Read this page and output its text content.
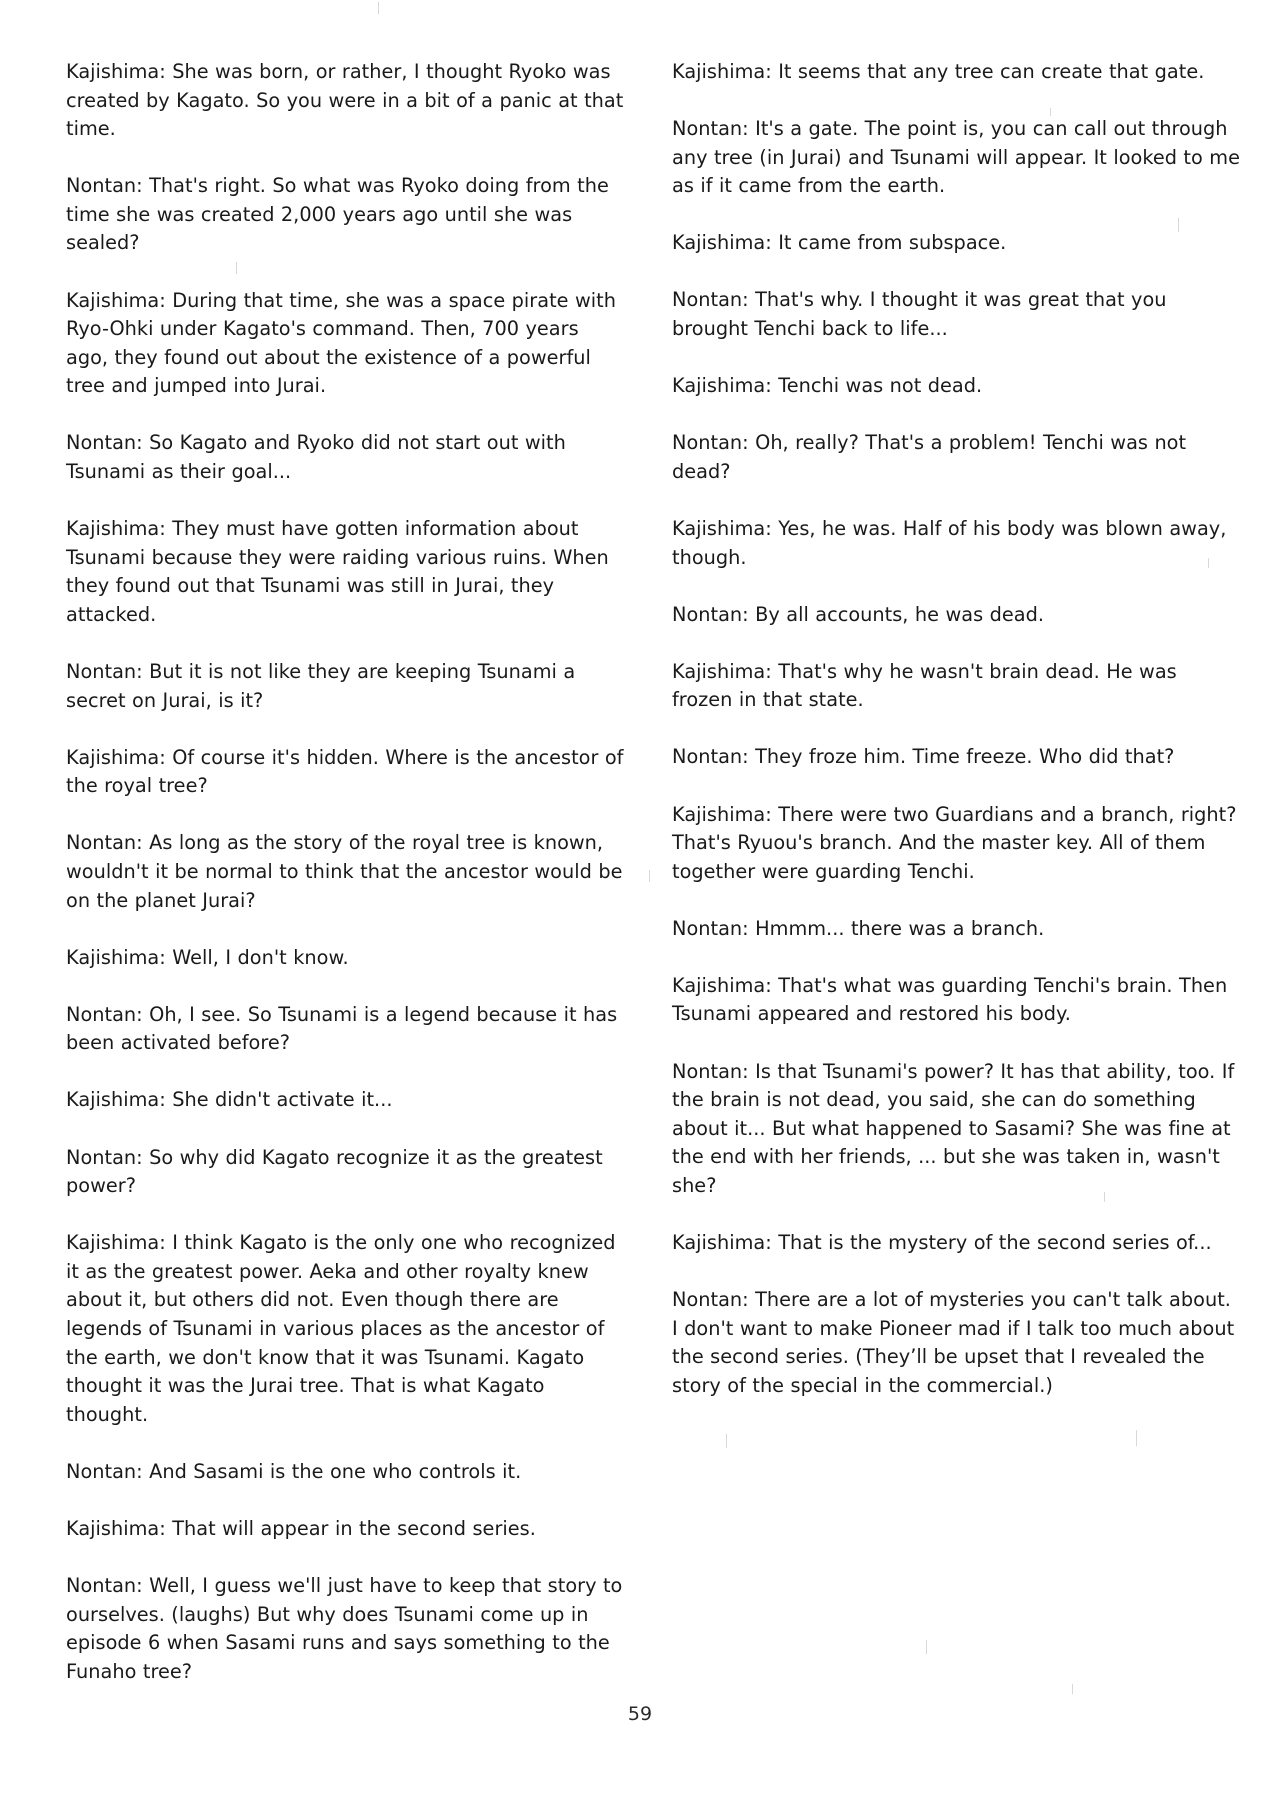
Kajishima: She was born, or rather, I thought Ryoko was created by Kagato. So you were in a bit of a panic at that time.

Nontan: That's right. So what was Ryoko doing from the time she was created 2,000 years ago until she was sealed?

Kajishima: During that time, she was a space pirate with Ryo-Ohki under Kagato's command. Then, 700 years ago, they found out about the existence of a powerful tree and jumped into Jurai.

Nontan: So Kagato and Ryoko did not start out with Tsunami as their goal...

Kajishima: They must have gotten information about Tsunami because they were raiding various ruins. When they found out that Tsunami was still in Jurai, they attacked.

Nontan: But it is not like they are keeping Tsunami a secret on Jurai, is it?

Kajishima: Of course it's hidden. Where is the ancestor of the royal tree?

Nontan: As long as the story of the royal tree is known, wouldn't it be normal to think that the ancestor would be on the planet Jurai?

Kajishima: Well, I don't know.

Nontan: Oh, I see. So Tsunami is a legend because it has been activated before?

Kajishima: She didn't activate it...

Nontan: So why did Kagato recognize it as the greatest power?

Kajishima: I think Kagato is the only one who recognized it as the greatest power. Aeka and other royalty knew about it, but others did not. Even though there are legends of Tsunami in various places as the ancestor of the earth, we don't know that it was Tsunami. Kagato thought it was the Jurai tree. That is what Kagato thought.

Nontan: And Sasami is the one who controls it.

Kajishima: That will appear in the second series.

Nontan: Well, I guess we'll just have to keep that story to ourselves. (laughs) But why does Tsunami come up in episode 6 when Sasami runs and says something to the Funaho tree?

Kajishima: It seems that any tree can create that gate.

Nontan: It's a gate. The point is, you can call out through any tree (in Jurai) and Tsunami will appear. It looked to me as if it came from the earth.

Kajishima: It came from subspace.

Nontan: That's why. I thought it was great that you brought Tenchi back to life...

Kajishima: Tenchi was not dead.

Nontan: Oh, really? That's a problem! Tenchi was not dead?

Kajishima: Yes, he was. Half of his body was blown away, though.

Nontan: By all accounts, he was dead.

Kajishima: That's why he wasn't brain dead. He was frozen in that state.

Nontan: They froze him. Time freeze. Who did that?

Kajishima: There were two Guardians and a branch, right? That's Ryuou's branch. And the master key. All of them together were guarding Tenchi.

Nontan: Hmmm... there was a branch.

Kajishima: That's what was guarding Tenchi's brain. Then Tsunami appeared and restored his body.

Nontan: Is that Tsunami's power? It has that ability, too. If the brain is not dead, you said, she can do something about it... But what happened to Sasami? She was fine at the end with her friends, ... but she was taken in, wasn't she?

Kajishima: That is the mystery of the second series of...

Nontan: There are a lot of mysteries you can't talk about. I don't want to make Pioneer mad if I talk too much about the second series. (They’ll be upset that I revealed the story of the special in the commercial.)

59
